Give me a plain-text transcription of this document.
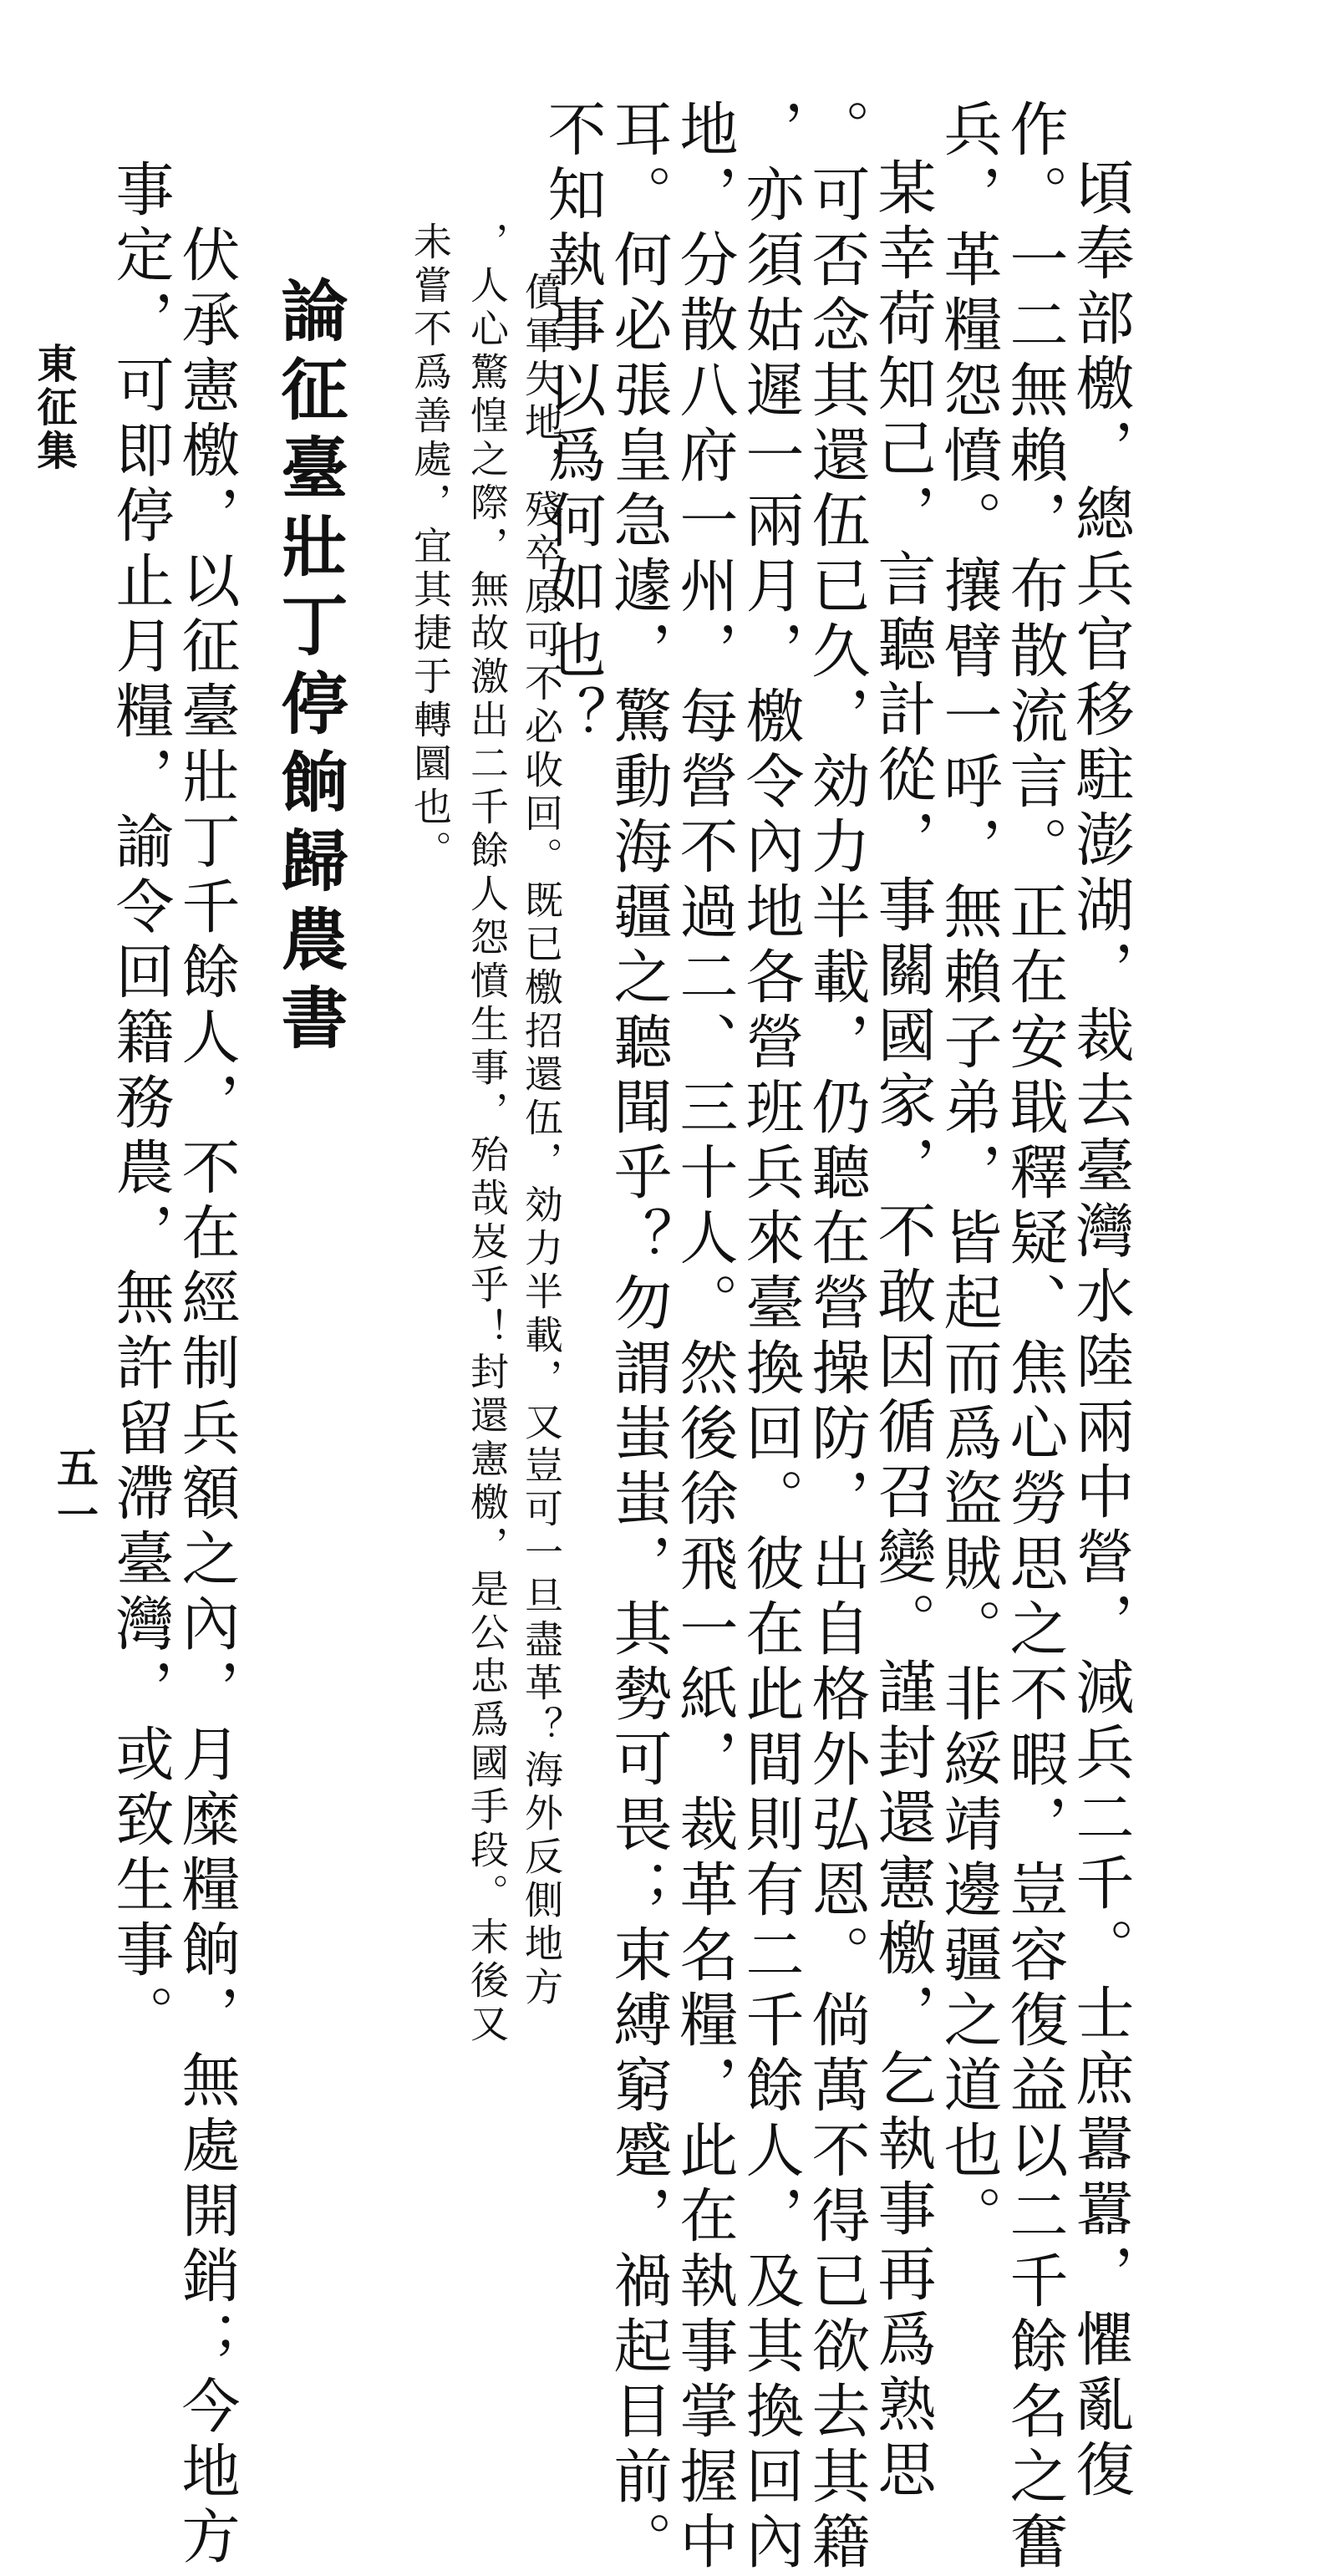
頃奉部檄，總兵官移駐澎湖，裁去臺灣水陸兩中營，減兵二千。士庶囂囂，懼亂復
作。一二無賴，布散流言。正在安戢釋疑、焦心勞思之不暇，豈容復益以二千餘名之奮
兵，革糧怨憤。攘臂一呼，無賴子弟，皆起而爲盜賊。非綏靖邊疆之道也。
某幸荷知己，言聽計從，事關國家，不敢因循召變。謹封還憲檄，乞執事再爲熟思
。可否念其還伍已久，効力半載，仍聽在營操防，出自格外弘恩。倘萬不得已欲去其籍
，亦須姑遲一兩月，檄令內地各營班兵來臺換回。彼在此間則有二千餘人，及其換回內
地，分散八府一州，每營不過二、三十人。然後徐飛一紙，裁革名糧，此在執事掌握中
耳。何必張皇急遽，驚動海疆之聽聞乎？勿謂蚩蚩，其勢可畏；束縛窮蹙，禍起目前。
不知執事以爲何如也？
僨軍失地，殘卒原可不必收回。既已檄招還伍，効力半載，又豈可一旦盡革？海外反側地方
，人心驚惶之際，無故激出二千餘人怨憤生事，殆哉岌乎！封還憲檄，是公忠爲國手段。末後又
未嘗不爲善處，宜其捷于轉圜也。
論征臺壯丁停餉歸農書
伏承憲檄，以征臺壯丁千餘人，不在經制兵額之內，月糜糧餉，無處開銷；今地方
事定，可即停止月糧，諭令回籍務農，無許留滯臺灣，或致生事。
東征集
五一
